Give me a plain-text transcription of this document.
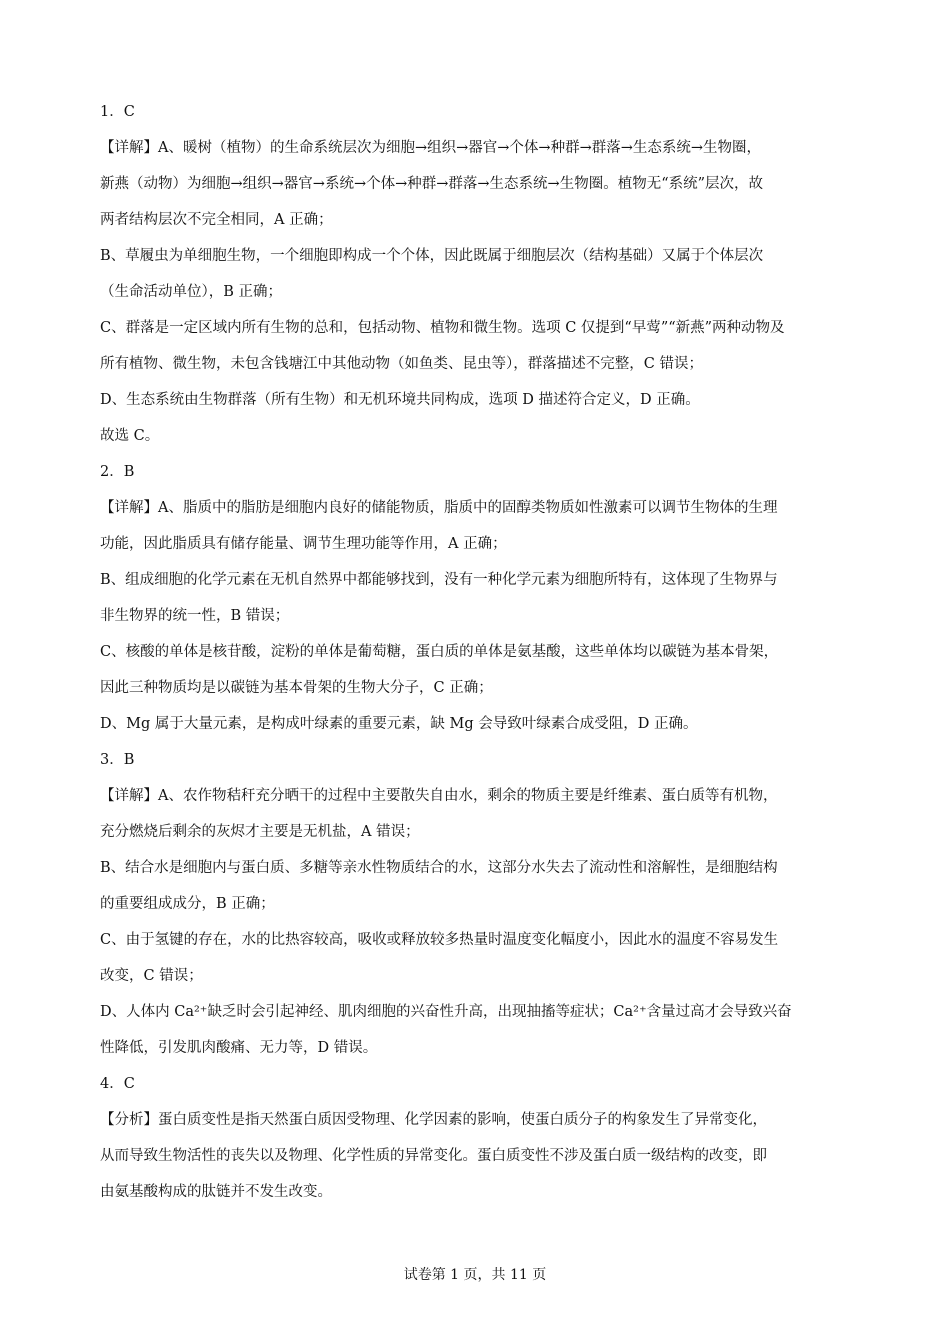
1．C
【详解】A、暖树（植物）的生命系统层次为细胞→组织→器官→个体→种群→群落→生态系统→生物圈，
新燕（动物）为细胞→组织→器官→系统→个体→种群→群落→生态系统→生物圈。植物无“系统”层次，故
两者结构层次不完全相同，A 正确；
B、草履虫为单细胞生物，一个细胞即构成一个个体，因此既属于细胞层次（结构基础）又属于个体层次
（生命活动单位），B 正确；
C、群落是一定区域内所有生物的总和，包括动物、植物和微生物。选项 C 仅提到“早莺”“新燕”两种动物及
所有植物、微生物，未包含钱塘江中其他动物（如鱼类、昆虫等），群落描述不完整，C 错误；
D、生态系统由生物群落（所有生物）和无机环境共同构成，选项 D 描述符合定义，D 正确。
故选 C。
2．B
【详解】A、脂质中的脂肪是细胞内良好的储能物质，脂质中的固醇类物质如性激素可以调节生物体的生理
功能，因此脂质具有储存能量、调节生理功能等作用，A 正确；
B、组成细胞的化学元素在无机自然界中都能够找到，没有一种化学元素为细胞所特有，这体现了生物界与
非生物界的统一性，B 错误；
C、核酸的单体是核苷酸，淀粉的单体是葡萄糖，蛋白质的单体是氨基酸，这些单体均以碳链为基本骨架，
因此三种物质均是以碳链为基本骨架的生物大分子，C 正确；
D、Mg 属于大量元素，是构成叶绿素的重要元素，缺 Mg 会导致叶绿素合成受阻，D 正确。
3．B
【详解】A、农作物秸秆充分晒干的过程中主要散失自由水，剩余的物质主要是纤维素、蛋白质等有机物，
充分燃烧后剩余的灰烬才主要是无机盐，A 错误；
B、结合水是细胞内与蛋白质、多糖等亲水性物质结合的水，这部分水失去了流动性和溶解性，是细胞结构
的重要组成成分，B 正确；
C、由于氢键的存在，水的比热容较高，吸收或释放较多热量时温度变化幅度小，因此水的温度不容易发生
改变，C 错误；
D、人体内 Ca²⁺缺乏时会引起神经、肌肉细胞的兴奋性升高，出现抽搐等症状；Ca²⁺含量过高才会导致兴奋
性降低，引发肌肉酸痛、无力等，D 错误。
4．C
【分析】蛋白质变性是指天然蛋白质因受物理、化学因素的影响，使蛋白质分子的构象发生了异常变化，
从而导致生物活性的丧失以及物理、化学性质的异常变化。蛋白质变性不涉及蛋白质一级结构的改变，即
由氨基酸构成的肽链并不发生改变。
试卷第 1 页，共 11 页
